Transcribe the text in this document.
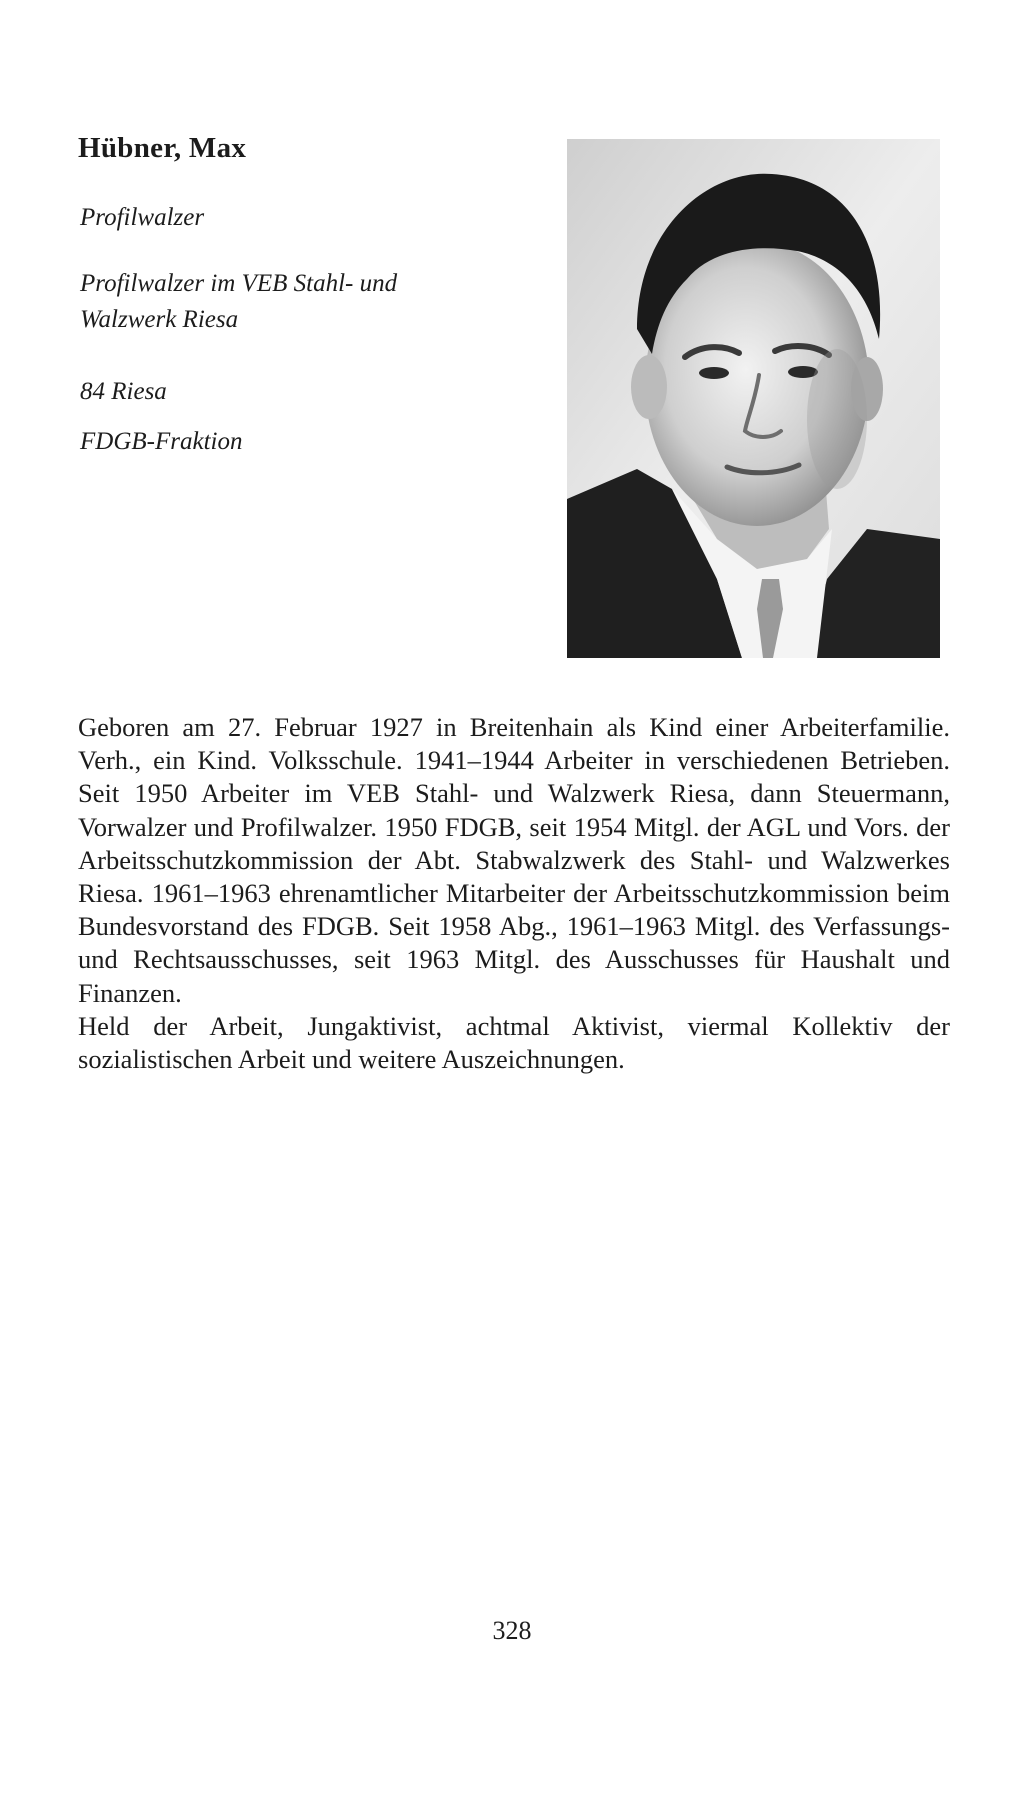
Hübner, Max

Profilwalzer

Profilwalzer im VEB Stahl- und
Walzwerk Riesa

84 Riesa

FDGB-Fraktion

Geboren am 27. Februar 1927 in Breitenhain als Kind einer Arbeiterfamilie. Verh., ein Kind. Volksschule. 1941–1944 Arbeiter in verschiedenen Betrieben. Seit 1950 Arbeiter im VEB Stahl- und Walzwerk Riesa, dann Steuermann, Vorwalzer und Profilwalzer. 1950 FDGB, seit 1954 Mitgl. der AGL und Vors. der Arbeitsschutzkommission der Abt. Stabwalzwerk des Stahl- und Walzwerkes Riesa. 1961–1963 ehrenamtlicher Mitarbeiter der Arbeitsschutzkommission beim Bundesvorstand des FDGB. Seit 1958 Abg., 1961–1963 Mitgl. des Verfassungs- und Rechtsausschusses, seit 1963 Mitgl. des Ausschusses für Haushalt und Finanzen.

Held der Arbeit, Jungaktivist, achtmal Aktivist, viermal Kollektiv der sozialistischen Arbeit und weitere Auszeichnungen.

328
